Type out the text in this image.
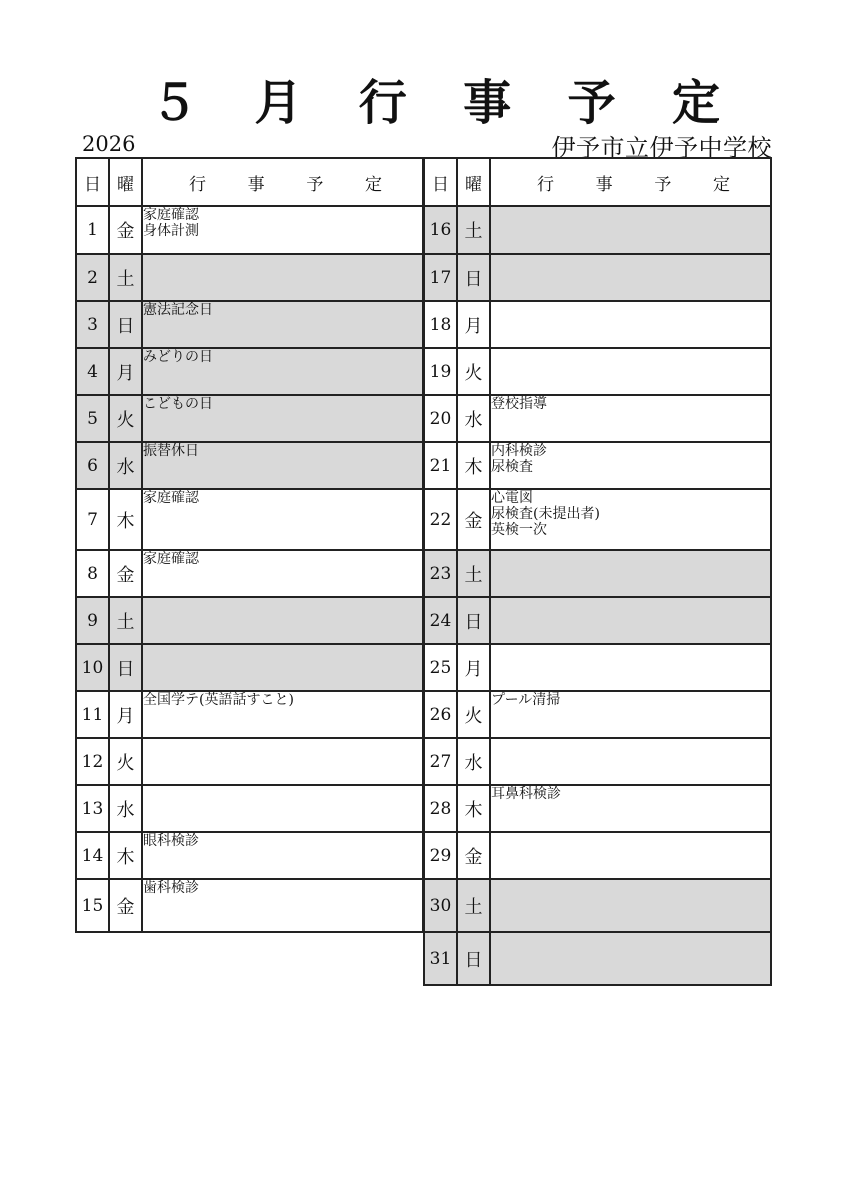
５ 月 行 事 予 定
2026	伊予市立伊予中学校
日	曜	行 事 予 定

1	金	家庭確認
身体計測

2	土	
3	日	憲法記念日

4	月	みどりの日

5	火	こどもの日

6	水	振替休日

7	木	家庭確認

8	金	家庭確認

9	土	
10	日	
11	月	全国学テ(英語話すこと)

12	火	
13	水	
14	木	眼科検診

15	金	歯科検診
日	曜	行 事 予 定

16	土	
17	日	
18	月	
19	火	
20	水	登校指導

21	木	内科検診
尿検査

22	金	心電図
尿検査(未提出者)
英検一次

23	土	
24	日	
25	月	
26	火	プール清掃

27	水	
28	木	耳鼻科検診

29	金	
30	土	
31	日	
